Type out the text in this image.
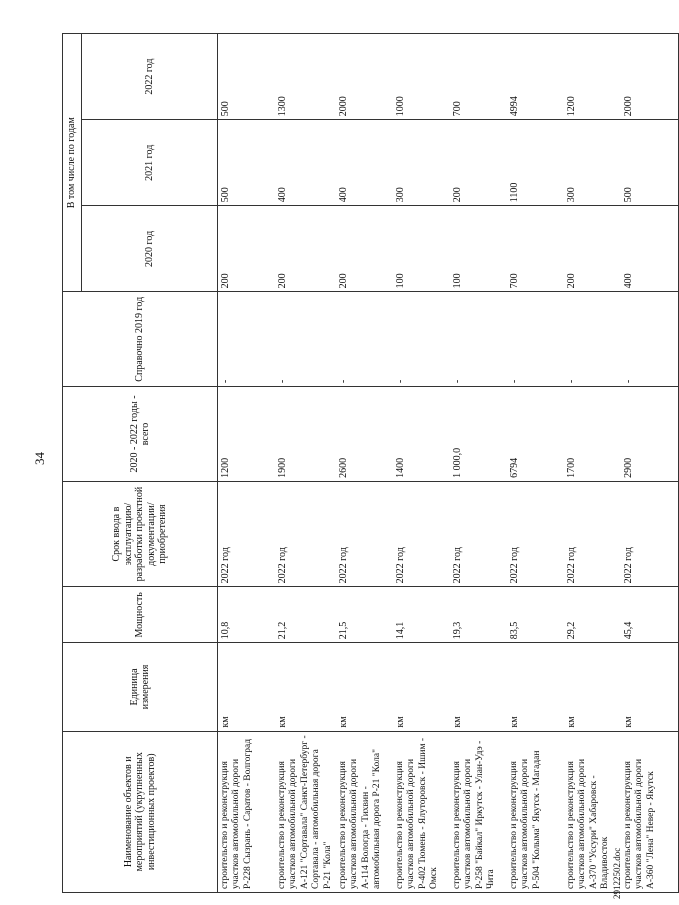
34
Наименование объектов и мероприятий (укрупненных инвестиционных проектов)	Единица измерения	Мощность	Срок ввода в эксплуатацию/ разработки проектной документации/ приобретения	2020 - 2022 годы - всего	Справочно 2019 год	В том числе по годам		
						2020 год	2021 год	2022 год
строительство и реконструкция участков автомобильной дороги Р-228 Сызрань - Саратов - Волгоград	км	10,8	2022 год	1200	-	200	500	500
строительство и реконструкция участков автомобильной дороги А-121 "Сортавала" Санкт-Петербург - Сортавала - автомобильная дорога Р-21 "Кола"	км	21,2	2022 год	1900	-	200	400	1300
строительство и реконструкция участков автомобильной дороги А-114 Вологда - Тихвин - автомобильная дорога Р-21 "Кола"	км	21,5	2022 год	2600	-	200	400	2000
строительство и реконструкция участков автомобильной дороги Р-402 Тюмень - Ялуторовск - Ишим - Омск	км	14,1	2022 год	1400	-	100	300	1000
строительство и реконструкция участков автомобильной дороги Р-258 "Байкал" Иркутск - Улан-Удэ - Чита	км	19,3	2022 год	1 000,0	-	100	200	700
строительство и реконструкция участков автомобильной дороги Р-504 "Колыма" Якутск - Магадан	км	83,5	2022 год	6794	-	700	1100	4994
строительство и реконструкция участков автомобильной дороги А-370 "Уссури" Хабаровск - Владивосток	км	29,2	2022 год	1700	-	200	300	1200
строительство и реконструкция участков автомобильной дороги А-360 "Лена" Невер - Якутск	км	45,4	2022 год	2900	-	400	500	2000
29122502.doc
